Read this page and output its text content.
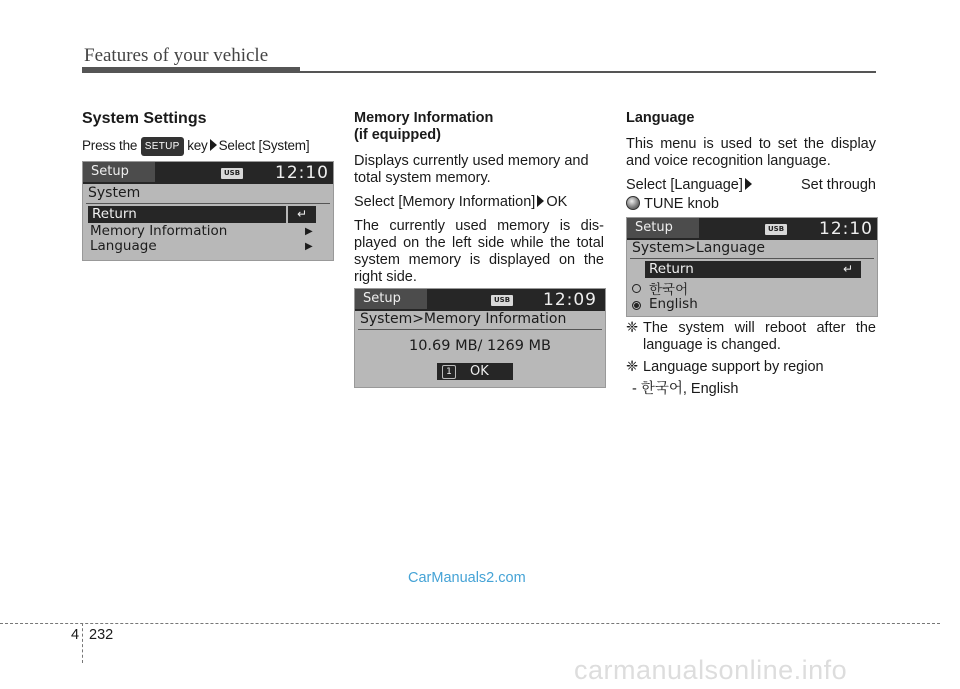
Features of your vehicle
System Settings

Press the SETUP key Select [System]

Setup	USB 12:10
System
Return	↵
Memory Information	▶
Language	▶
Memory Information
(if equipped)

Displays currently used memory and total system memory.

Select [Memory Information] OK

The currently used memory is dis- played on the left side while the total system memory is displayed on the right side.

Setup	USB 12:09
System>Memory Information
10.69 MB/ 1269 MB
1 OK
Language

This menu is used to set the display and voice recognition language.

Select [Language]	Set through

TUNE knob

Setup	USB 12:10
System>Language
Return	↵
한국어
English

❈ The system will reboot after the language is changed.

❈ Language support by region

- 한국어, English

CarManuals2.com
4 232
carmanualsonline.info
